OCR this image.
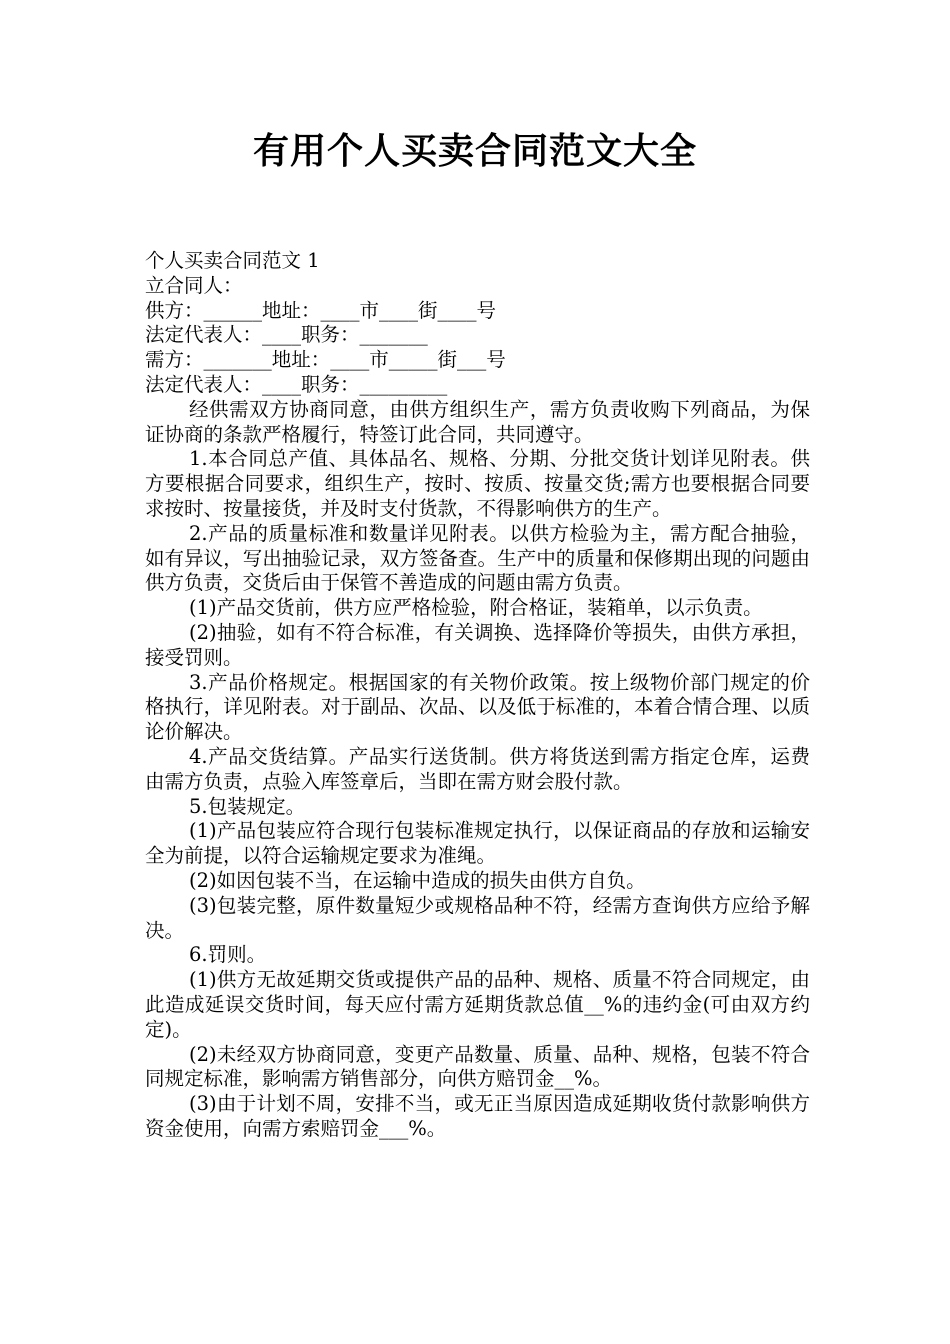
有用个人买卖合同范文大全

个人买卖合同范文 1

立合同人：

供方：______地址：____市____街____号

法定代表人：____职务：_______

需方：_______地址：____市_____街___号

法定代表人：____职务：_________

经供需双方协商同意，由供方组织生产，需方负责收购下列商品，为保证协商的条款严格履行，特签订此合同，共同遵守。

1.本合同总产值、具体品名、规格、分期、分批交货计划详见附表。供方要根据合同要求，组织生产，按时、按质、按量交货;需方也要根据合同要求按时、按量接货，并及时支付货款，不得影响供方的生产。

2.产品的质量标准和数量详见附表。以供方检验为主，需方配合抽验，如有异议，写出抽验记录，双方签备查。生产中的质量和保修期出现的问题由供方负责，交货后由于保管不善造成的问题由需方负责。

(1)产品交货前，供方应严格检验，附合格证，装箱单，以示负责。

(2)抽验，如有不符合标准，有关调换、选择降价等损失，由供方承担，接受罚则。

3.产品价格规定。根据国家的有关物价政策。按上级物价部门规定的价格执行，详见附表。对于副品、次品、以及低于标准的，本着合情合理、以质论价解决。

4.产品交货结算。产品实行送货制。供方将货送到需方指定仓库，运费由需方负责，点验入库签章后，当即在需方财会股付款。

5.包装规定。

(1)产品包装应符合现行包装标准规定执行，以保证商品的存放和运输安全为前提，以符合运输规定要求为准绳。

(2)如因包装不当，在运输中造成的损失由供方自负。

(3)包装完整，原件数量短少或规格品种不符，经需方查询供方应给予解决。

6.罚则。

(1)供方无故延期交货或提供产品的品种、规格、质量不符合同规定，由此造成延误交货时间，每天应付需方延期货款总值__%的违约金(可由双方约定)。

(2)未经双方协商同意，变更产品数量、质量、品种、规格，包装不符合同规定标准，影响需方销售部分，向供方赔罚金__%。

(3)由于计划不周，安排不当，或无正当原因造成延期收货付款影响供方资金使用，向需方索赔罚金___%。
